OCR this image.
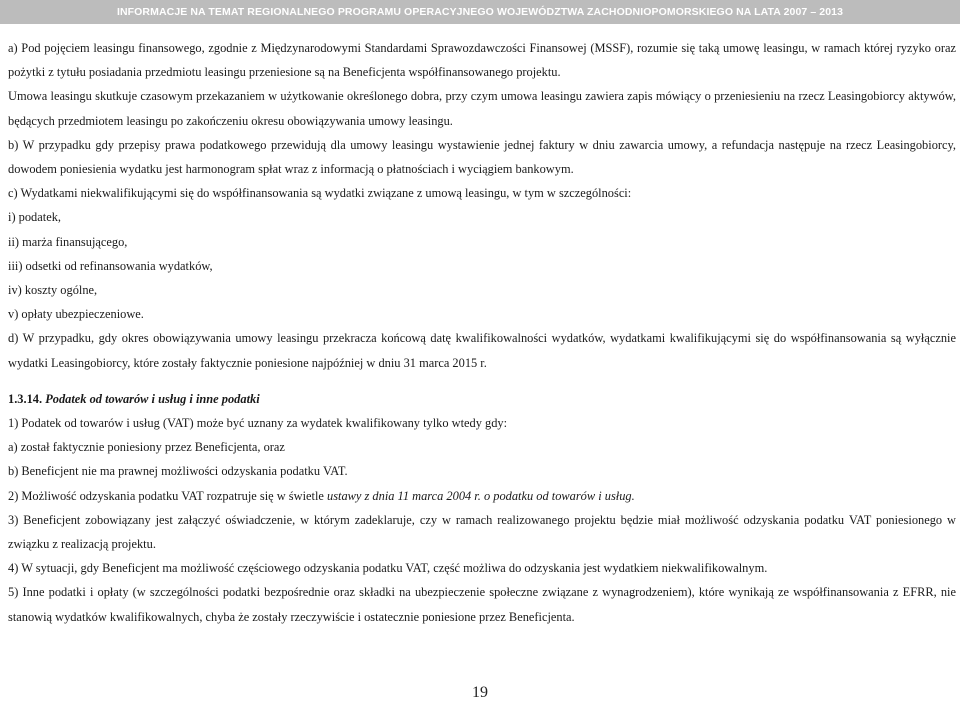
INFORMACJE NA TEMAT REGIONALNEGO PROGRAMU OPERACYJNEGO WOJEWÓDZTWA ZACHODNIOPOMORSKIEGO NA LATA 2007 – 2013

a) Pod pojęciem leasingu finansowego, zgodnie z Międzynarodowymi Standardami Sprawozdawczości Finansowej (MSSF), rozumie się taką umowę leasingu, w ramach której ryzyko oraz pożytki z tytułu posiadania przedmiotu leasingu przeniesione są na Beneficjenta współfinansowanego projektu.

Umowa leasingu skutkuje czasowym przekazaniem w użytkowanie określonego dobra, przy czym umowa leasingu zawiera zapis mówiący o przeniesieniu na rzecz Leasingobiorcy aktywów, będących przedmiotem leasingu po zakończeniu okresu obowiązywania umowy leasingu.

b) W przypadku gdy przepisy prawa podatkowego przewidują dla umowy leasingu wystawienie jednej faktury w dniu zawarcia umowy, a refundacja następuje na rzecz Leasingobiorcy, dowodem poniesienia wydatku jest harmonogram spłat wraz z informacją o płatnościach i wyciągiem bankowym.

c) Wydatkami niekwalifikującymi się do współfinansowania są wydatki związane z umową leasingu, w tym w szczególności:

i) podatek,

ii) marża finansującego,

iii) odsetki od refinansowania wydatków,

iv) koszty ogólne,

v) opłaty ubezpieczeniowe.

d) W przypadku, gdy okres obowiązywania umowy leasingu przekracza końcową datę kwalifikowalności wydatków, wydatkami kwalifikującymi się do współfinansowania są wyłącznie wydatki Leasingobiorcy, które zostały faktycznie poniesione najpóźniej w dniu 31 marca 2015 r.

1.3.14. Podatek od towarów i usług i inne podatki

1) Podatek od towarów i usług (VAT) może być uznany za wydatek kwalifikowany tylko wtedy gdy:

a) został faktycznie poniesiony przez Beneficjenta, oraz

b) Beneficjent nie ma prawnej możliwości odzyskania podatku VAT.

2) Możliwość odzyskania podatku VAT rozpatruje się w świetle ustawy z dnia 11 marca 2004 r. o podatku od towarów i usług.

3) Beneficjent zobowiązany jest załączyć oświadczenie, w którym zadeklaruje, czy w ramach realizowanego projektu będzie miał możliwość odzyskania podatku VAT poniesionego w związku z realizacją projektu.

4) W sytuacji, gdy Beneficjent ma możliwość częściowego odzyskania podatku VAT, część możliwa do odzyskania jest wydatkiem niekwalifikowalnym.

5) Inne podatki i opłaty (w szczególności podatki bezpośrednie oraz składki na ubezpieczenie społeczne związane z wynagrodzeniem), które wynikają ze współfinansowania z EFRR, nie stanowią wydatków kwalifikowalnych, chyba że zostały rzeczywiście i ostatecznie poniesione przez Beneficjenta.

19
